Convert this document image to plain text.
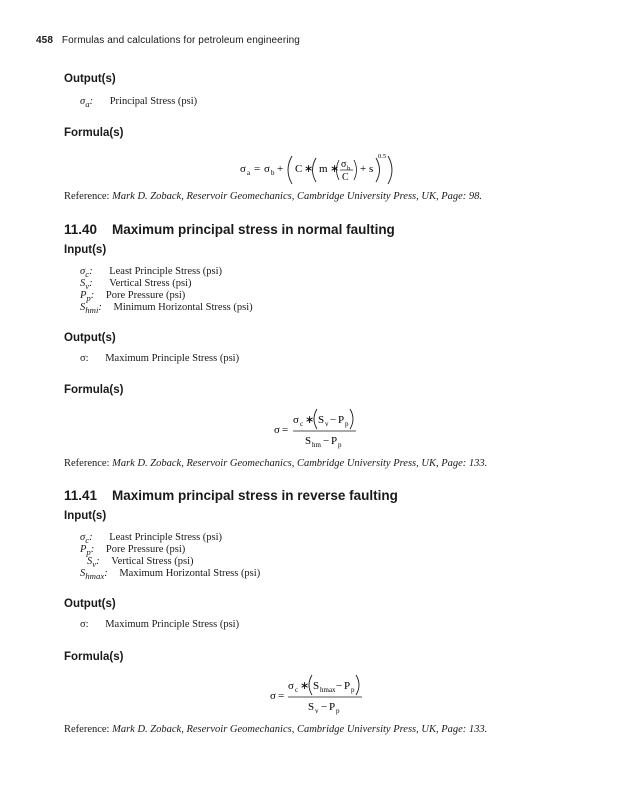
458 Formulas and calculations for petroleum engineering
Output(s)
$\sigma_a$: Principal Stress (psi)
Formula(s)
σ a = σ b + C ∗ m ∗ σ b
C
+ s
0.5
Reference: Mark D. Zoback, Reservoir Geomechanics, Cambridge University Press, UK, Page: 98.
11.40 Maximum principal stress in normal faulting
Input(s)
$\sigma_c$: Least Principle Stress (psi)
$S_v$: Vertical Stress (psi)
$P_p$: Pore Pressure (psi)
$S_{hmi}$: Minimum Horizontal Stress (psi)
Output(s)
σ: Maximum Principle Stress (psi)
Formula(s)
σ =
σ c ∗ S v − P p
S hm − P p
Reference: Mark D. Zoback, Reservoir Geomechanics, Cambridge University Press, UK, Page: 133.
11.41 Maximum principal stress in reverse faulting
Input(s)
$\sigma_c$: Least Principle Stress (psi)
$P_p$: Pore Pressure (psi)
$S_v$: Vertical Stress (psi)
$S_{hmax}$: Maximum Horizontal Stress (psi)
Output(s)
σ: Maximum Principle Stress (psi)
Formula(s)
σ =
σ c ∗ S hmax − P p
S v − P p
Reference: Mark D. Zoback, Reservoir Geomechanics, Cambridge University Press, UK, Page: 133.
